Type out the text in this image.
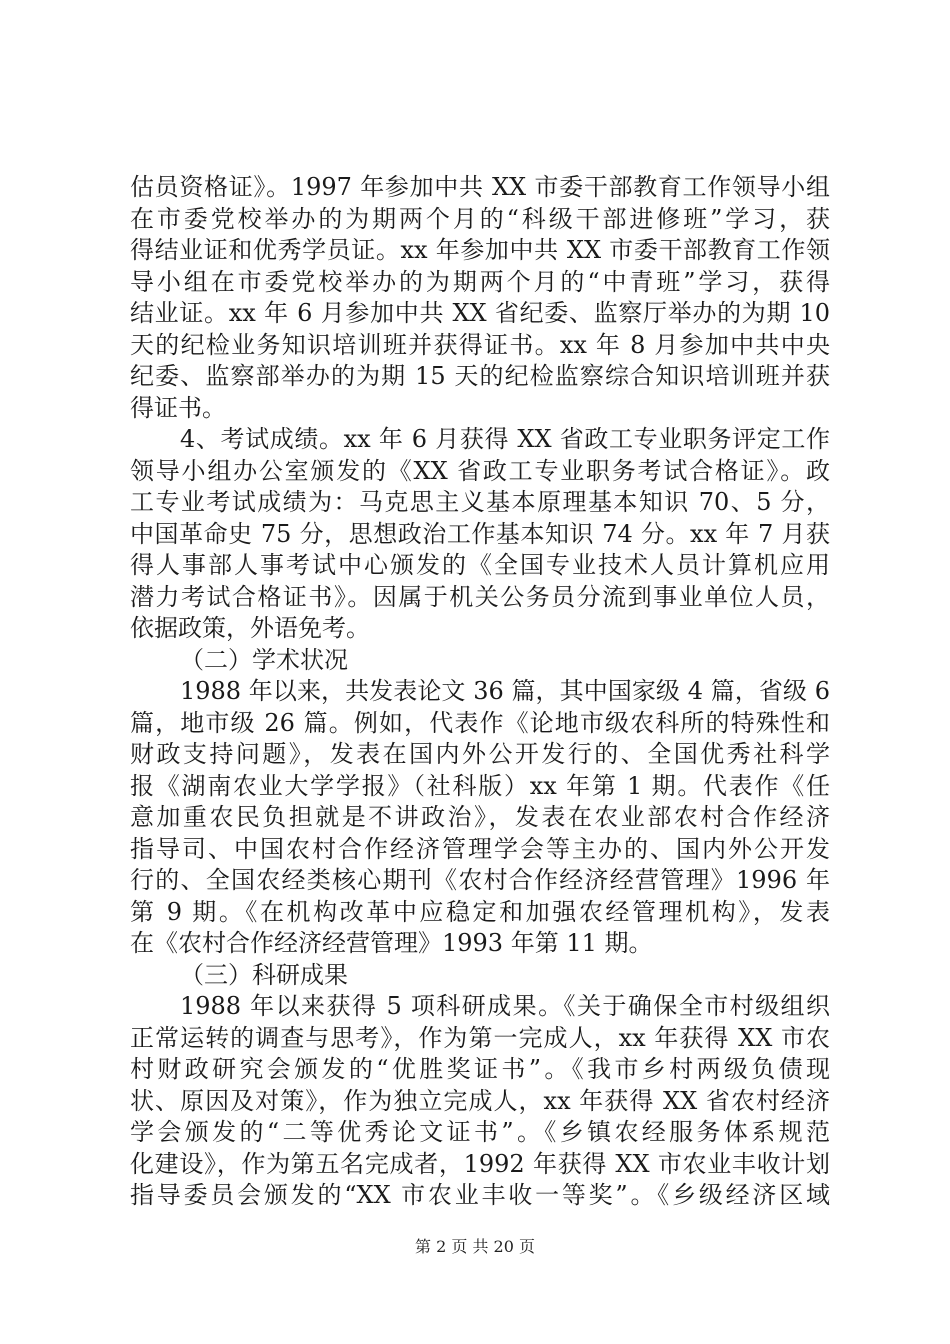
估员资格证》。1997 年参加中共 XX 市委干部教育工作领导小组
在市委党校举办的为期两个月的“科级干部进修班”学习，获
得结业证和优秀学员证。xx 年参加中共 XX 市委干部教育工作领
导小组在市委党校举办的为期两个月的“中青班”学习，获得
结业证。xx 年 6 月参加中共 XX 省纪委、监察厅举办的为期 10
天的纪检业务知识培训班并获得证书。xx 年 8 月参加中共中央
纪委、监察部举办的为期 15 天的纪检监察综合知识培训班并获
得证书。
4、考试成绩。xx 年 6 月获得 XX 省政工专业职务评定工作
领导小组办公室颁发的《XX 省政工专业职务考试合格证》。政
工专业考试成绩为：马克思主义基本原理基本知识 70、5 分，
中国革命史 75 分，思想政治工作基本知识 74 分。xx 年 7 月获
得人事部人事考试中心颁发的《全国专业技术人员计算机应用
潜力考试合格证书》。因属于机关公务员分流到事业单位人员，
依据政策，外语免考。
（二）学术状况
1988 年以来，共发表论文 36 篇，其中国家级 4 篇，省级 6
篇，地市级 26 篇。例如，代表作《论地市级农科所的特殊性和
财政支持问题》，发表在国内外公开发行的、全国优秀社科学
报《湖南农业大学学报》（社科版）xx 年第 1 期。代表作《任
意加重农民负担就是不讲政治》，发表在农业部农村合作经济
指导司、中国农村合作经济管理学会等主办的、国内外公开发
行的、全国农经类核心期刊《农村合作经济经营管理》1996 年
第 9 期。《在机构改革中应稳定和加强农经管理机构》，发表
在《农村合作经济经营管理》1993 年第 11 期。
（三）科研成果
1988 年以来获得 5 项科研成果。《关于确保全市村级组织
正常运转的调查与思考》，作为第一完成人，xx 年获得 XX 市农
村财政研究会颁发的“优胜奖证书”。《我市乡村两级负债现
状、原因及对策》，作为独立完成人，xx 年获得 XX 省农村经济
学会颁发的“二等优秀论文证书”。《乡镇农经服务体系规范
化建设》，作为第五名完成者，1992 年获得 XX 市农业丰收计划
指导委员会颁发的“XX 市农业丰收一等奖”。《乡级经济区域
第 2 页 共 20 页
